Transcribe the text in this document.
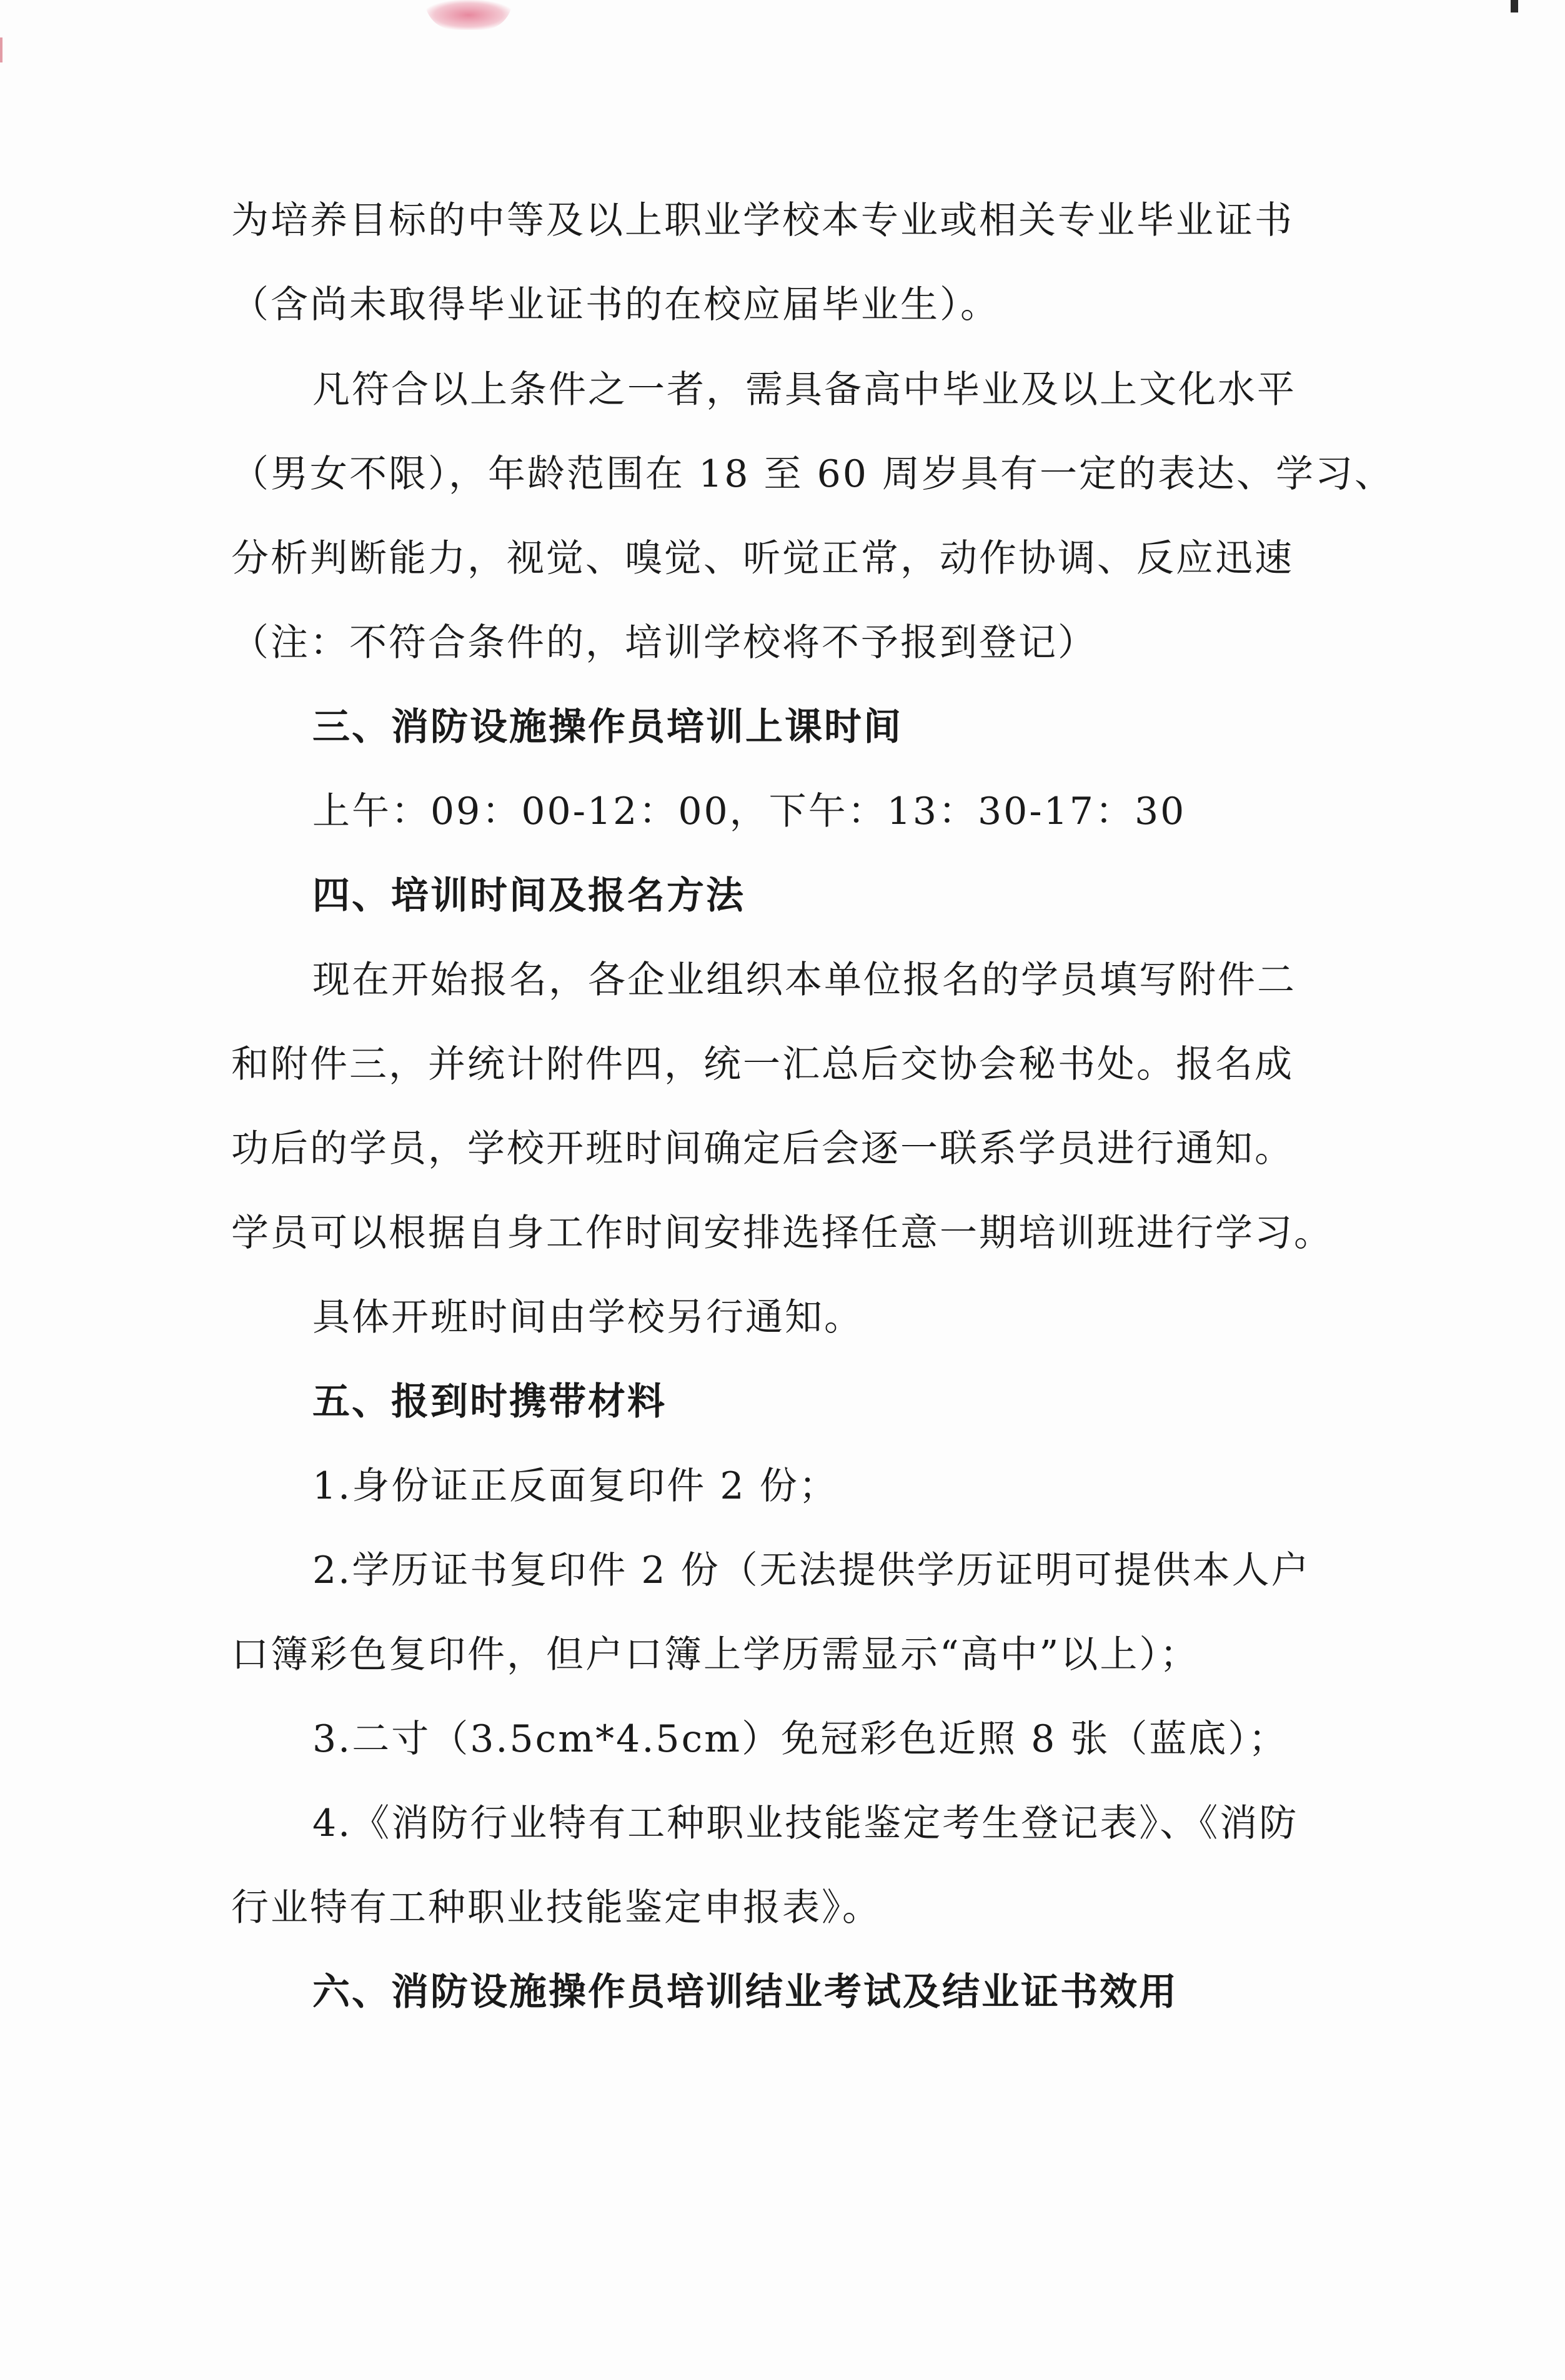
为培养目标的中等及以上职业学校本专业或相关专业毕业证书
（含尚未取得毕业证书的在校应届毕业生）。
凡符合以上条件之一者，需具备高中毕业及以上文化水平
（男女不限），年龄范围在 18 至 60 周岁具有一定的表达、学习、
分析判断能力，视觉、嗅觉、听觉正常，动作协调、反应迅速
（注：不符合条件的，培训学校将不予报到登记）
三、消防设施操作员培训上课时间
上午：09：00-12：00，下午：13：30-17：30
四、培训时间及报名方法
现在开始报名，各企业组织本单位报名的学员填写附件二
和附件三，并统计附件四，统一汇总后交协会秘书处。报名成
功后的学员，学校开班时间确定后会逐一联系学员进行通知。
学员可以根据自身工作时间安排选择任意一期培训班进行学习。
具体开班时间由学校另行通知。
五、报到时携带材料
1.身份证正反面复印件 2 份；
2.学历证书复印件 2 份（无法提供学历证明可提供本人户
口簿彩色复印件，但户口簿上学历需显示“高中”以上）；
3.二寸（3.5cm*4.5cm）免冠彩色近照 8 张（蓝底）；
4.《消防行业特有工种职业技能鉴定考生登记表》、《消防
行业特有工种职业技能鉴定申报表》。
六、消防设施操作员培训结业考试及结业证书效用
